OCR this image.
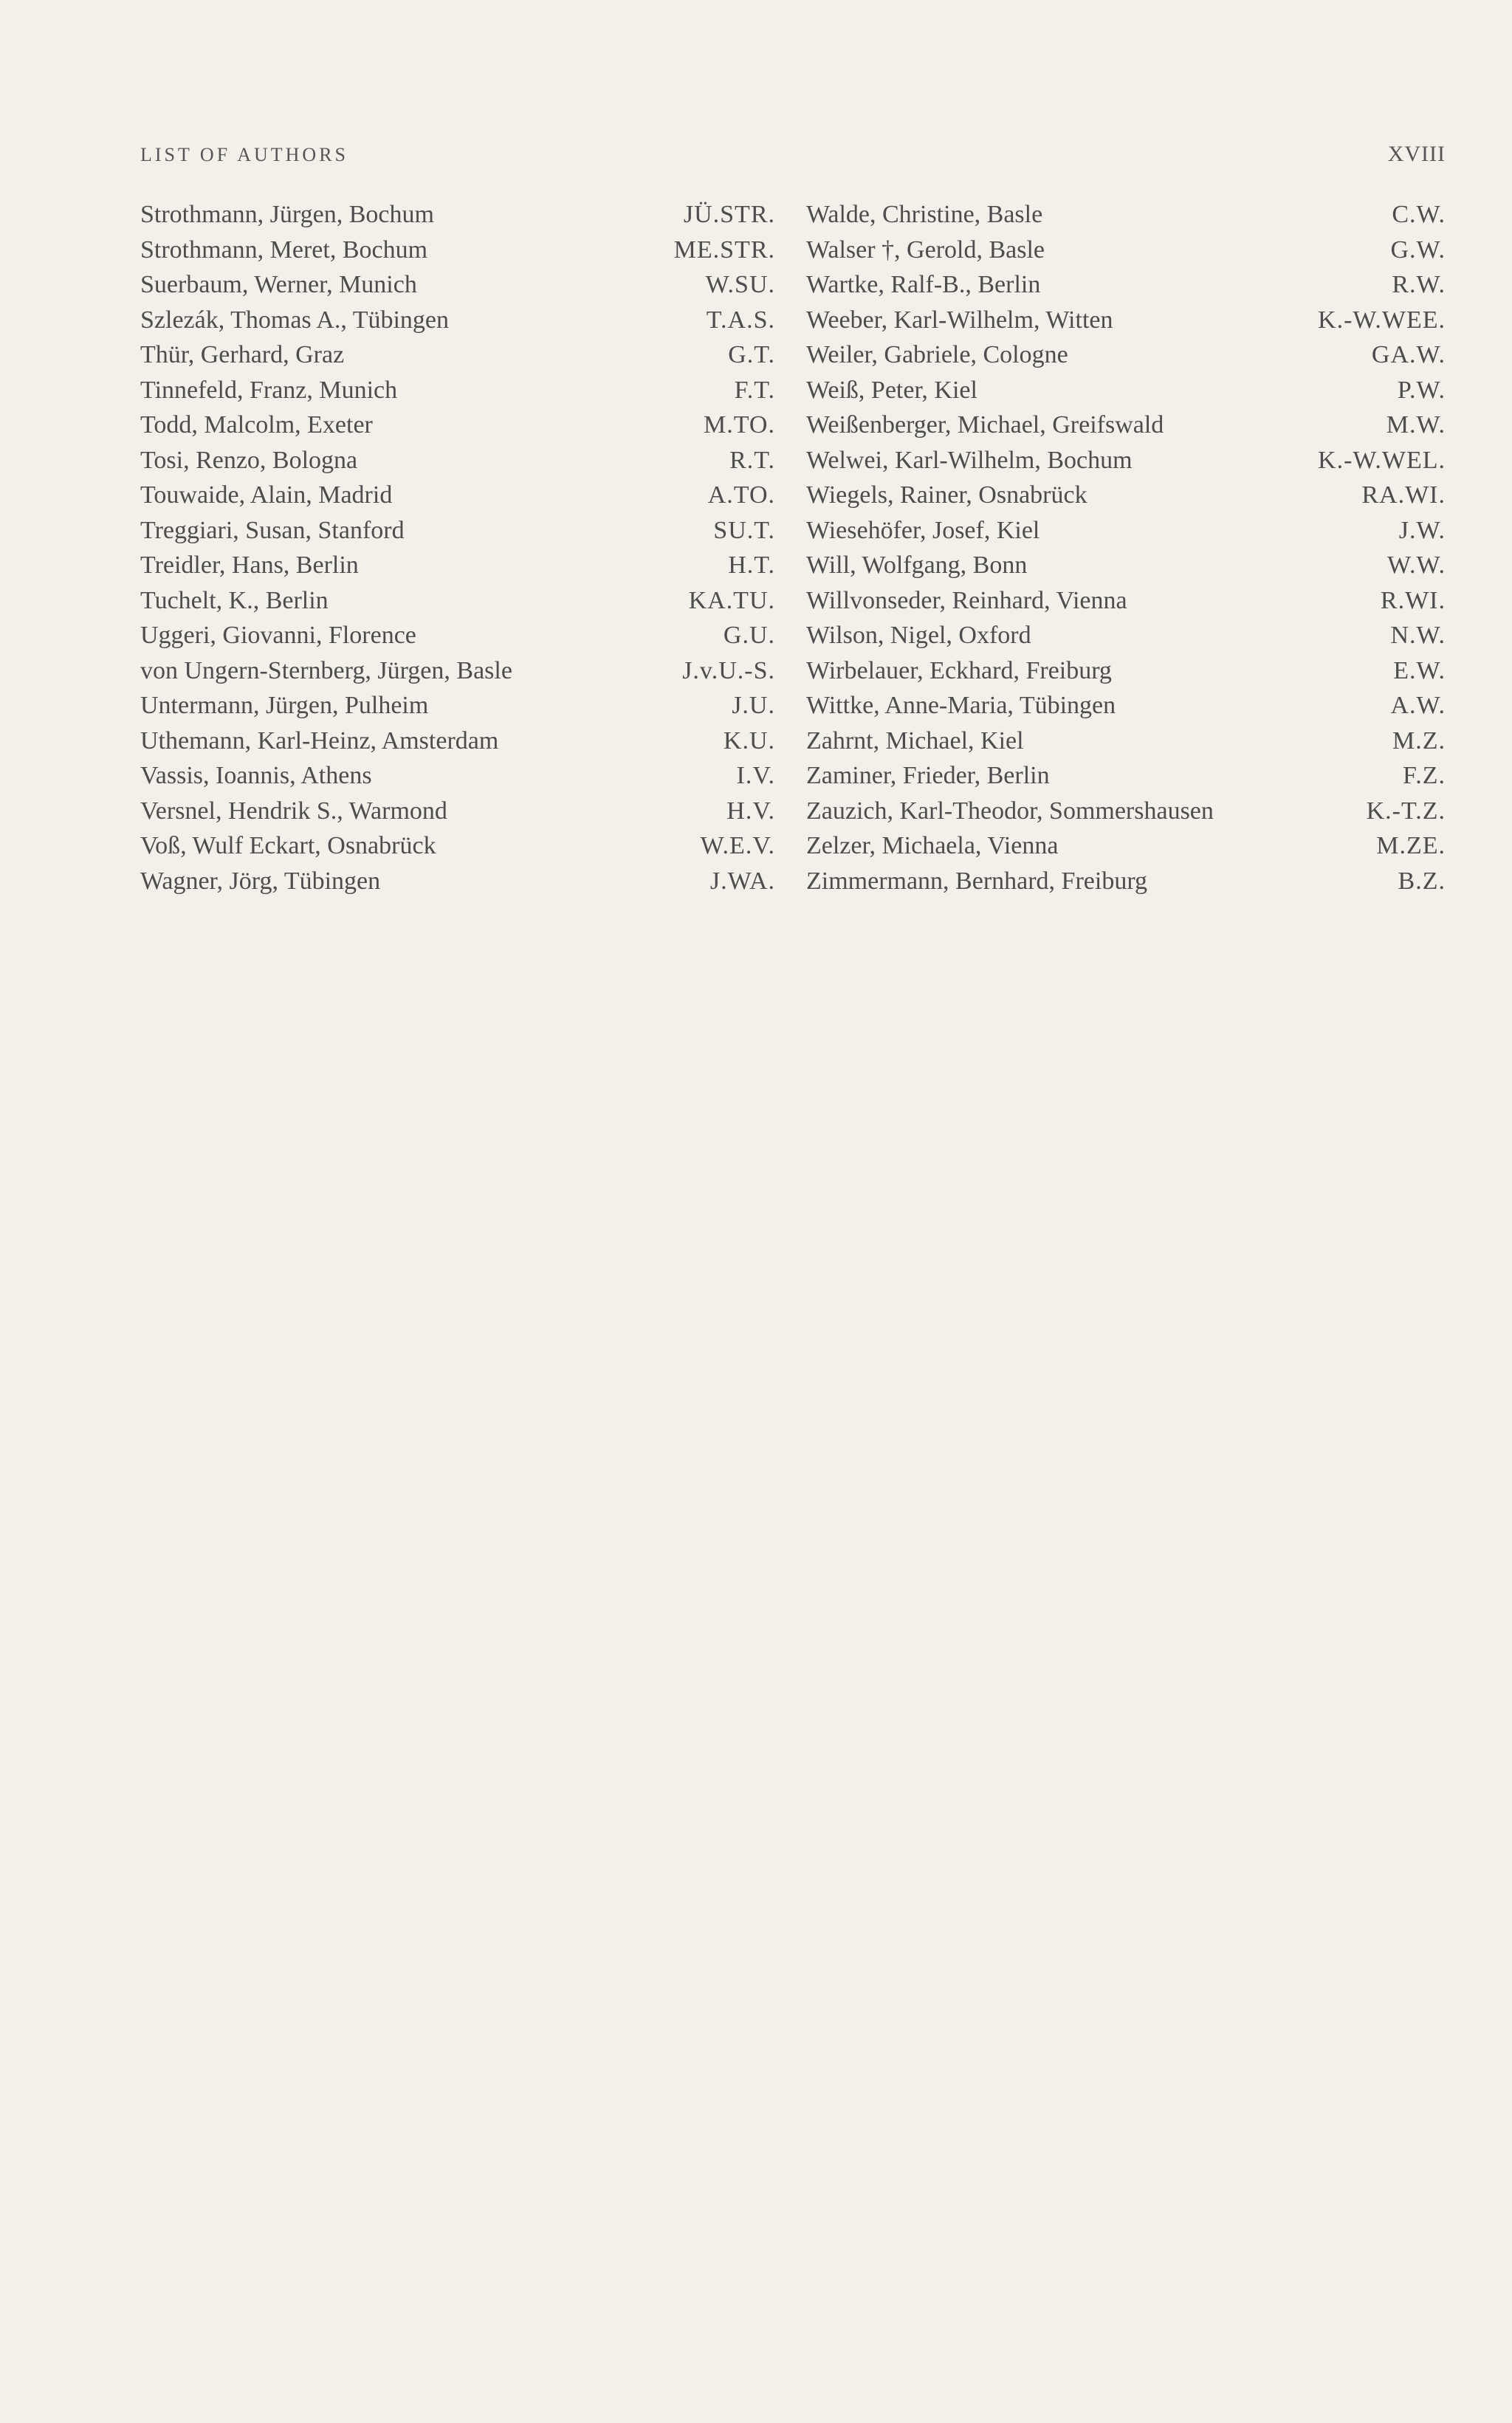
LIST OF AUTHORS	XVIII
Strothmann, Jürgen, Bochum	JÜ.STR.
Strothmann, Meret, Bochum	ME.STR.
Suerbaum, Werner, Munich	W.SU.
Szlezák, Thomas A., Tübingen	T.A.S.
Thür, Gerhard, Graz	G.T.
Tinnefeld, Franz, Munich	F.T.
Todd, Malcolm, Exeter	M.TO.
Tosi, Renzo, Bologna	R.T.
Touwaide, Alain, Madrid	A.TO.
Treggiari, Susan, Stanford	SU.T.
Treidler, Hans, Berlin	H.T.
Tuchelt, K., Berlin	KA.TU.
Uggeri, Giovanni, Florence	G.U.
von Ungern-Sternberg, Jürgen, Basle	J.v.U.-S.
Untermann, Jürgen, Pulheim	J.U.
Uthemann, Karl-Heinz, Amsterdam	K.U.
Vassis, Ioannis, Athens	I.V.
Versnel, Hendrik S., Warmond	H.V.
Voß, Wulf Eckart, Osnabrück	W.E.V.
Wagner, Jörg, Tübingen	J.WA.
Walde, Christine, Basle	C.W.
Walser †, Gerold, Basle	G.W.
Wartke, Ralf-B., Berlin	R.W.
Weeber, Karl-Wilhelm, Witten	K.-W.WEE.
Weiler, Gabriele, Cologne	GA.W.
Weiß, Peter, Kiel	P.W.
Weißenberger, Michael, Greifswald	M.W.
Welwei, Karl-Wilhelm, Bochum	K.-W.WEL.
Wiegels, Rainer, Osnabrück	RA.WI.
Wiesehöfer, Josef, Kiel	J.W.
Will, Wolfgang, Bonn	W.W.
Willvonseder, Reinhard, Vienna	R.WI.
Wilson, Nigel, Oxford	N.W.
Wirbelauer, Eckhard, Freiburg	E.W.
Wittke, Anne-Maria, Tübingen	A.W.
Zahrnt, Michael, Kiel	M.Z.
Zaminer, Frieder, Berlin	F.Z.
Zauzich, Karl-Theodor, Sommershausen	K.-T.Z.
Zelzer, Michaela, Vienna	M.ZE.
Zimmermann, Bernhard, Freiburg	B.Z.
